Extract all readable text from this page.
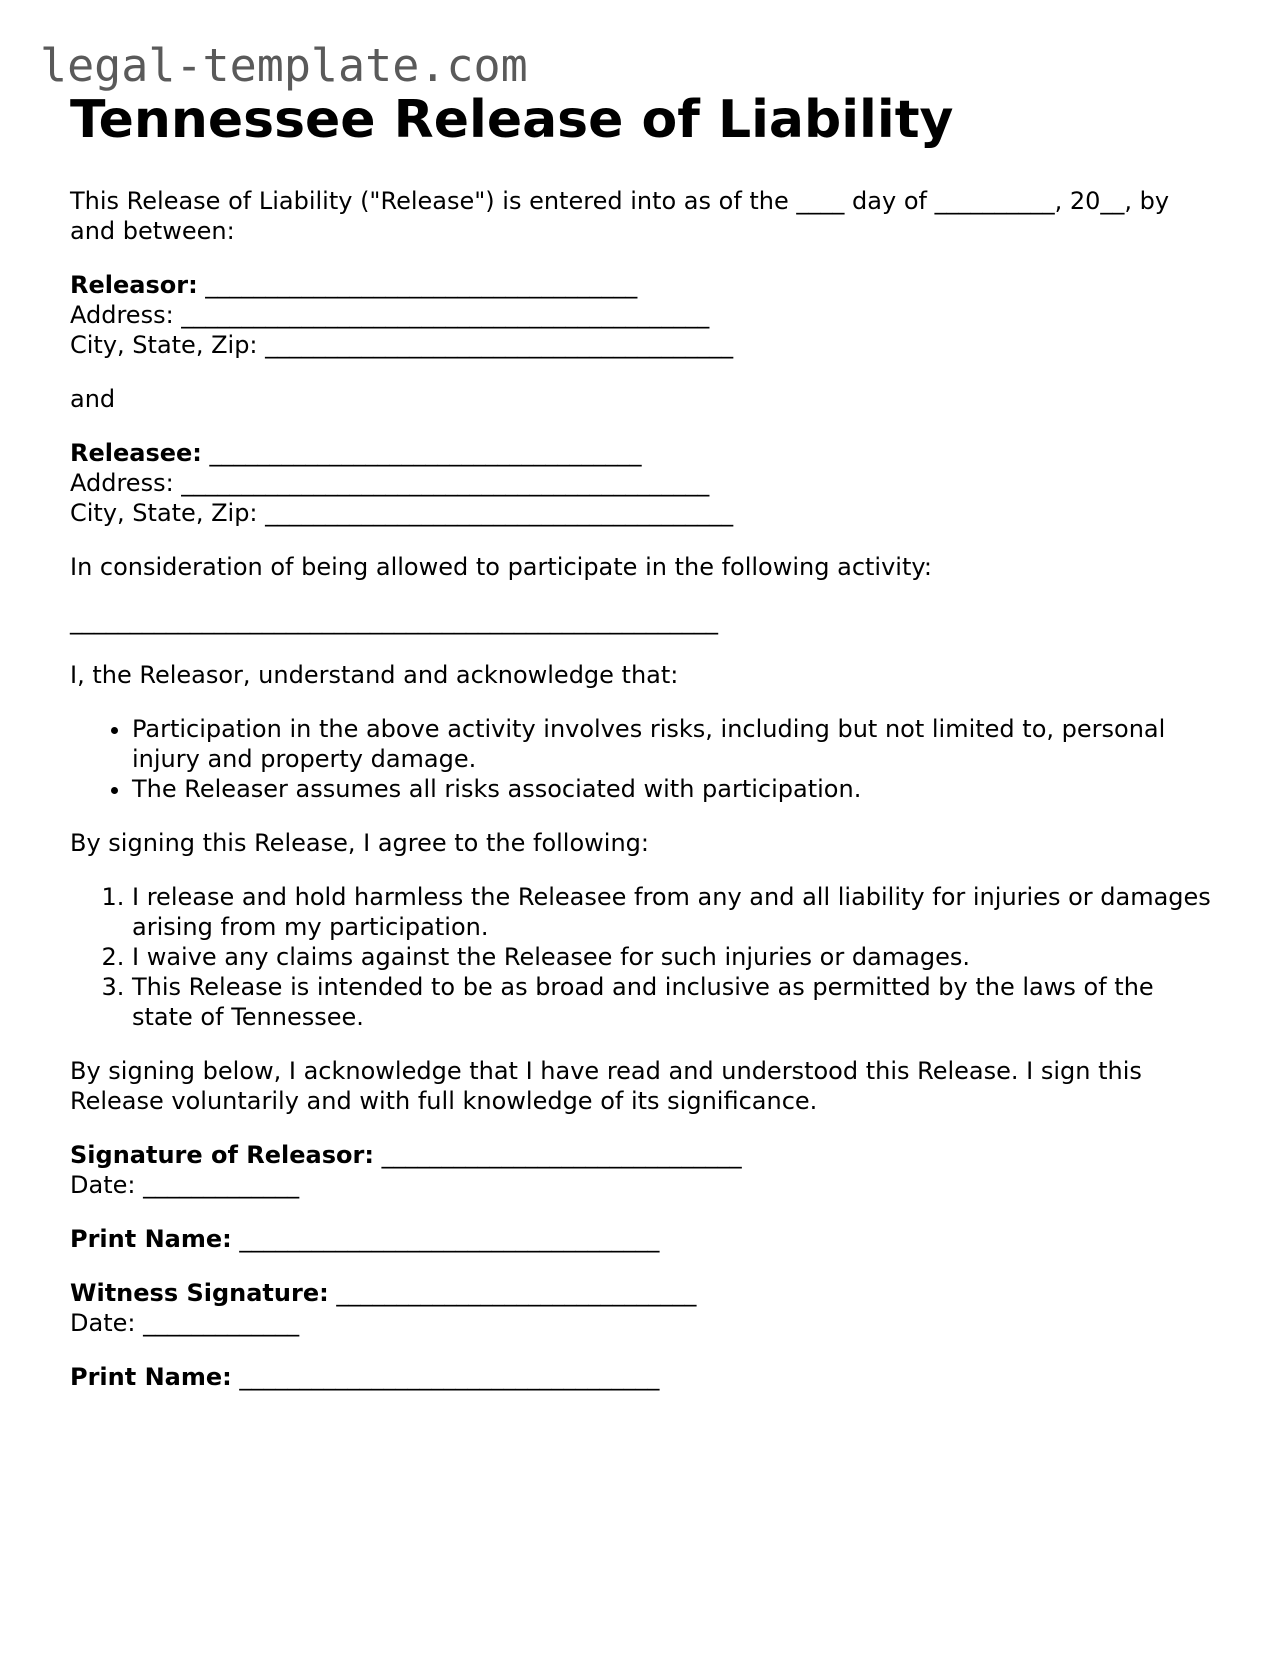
legal-template.com
Tennessee Release of Liability

This Release of Liability ("Release") is entered into as of the ____ day of __________, 20__, by and between:

Releasor: ____________________________________
Address: ____________________________________________
City, State, Zip: _______________________________________

and

Releasee: ____________________________________
Address: ____________________________________________
City, State, Zip: _______________________________________

In consideration of being allowed to participate in the following activity:

______________________________________________________

I, the Releasor, understand and acknowledge that:

• Participation in the above activity involves risks, including but not limited to, personal injury and property damage.
• The Releaser assumes all risks associated with participation.

By signing this Release, I agree to the following:

1. I release and hold harmless the Releasee from any and all liability for injuries or damages arising from my participation.
2. I waive any claims against the Releasee for such injuries or damages.
3. This Release is intended to be as broad and inclusive as permitted by the laws of the state of Tennessee.

By signing below, I acknowledge that I have read and understood this Release. I sign this Release voluntarily and with full knowledge of its significance.

Signature of Releasor: ______________________________
Date: _____________
Print Name: ___________________________________
Witness Signature: ______________________________
Date: _____________
Print Name: ___________________________________
